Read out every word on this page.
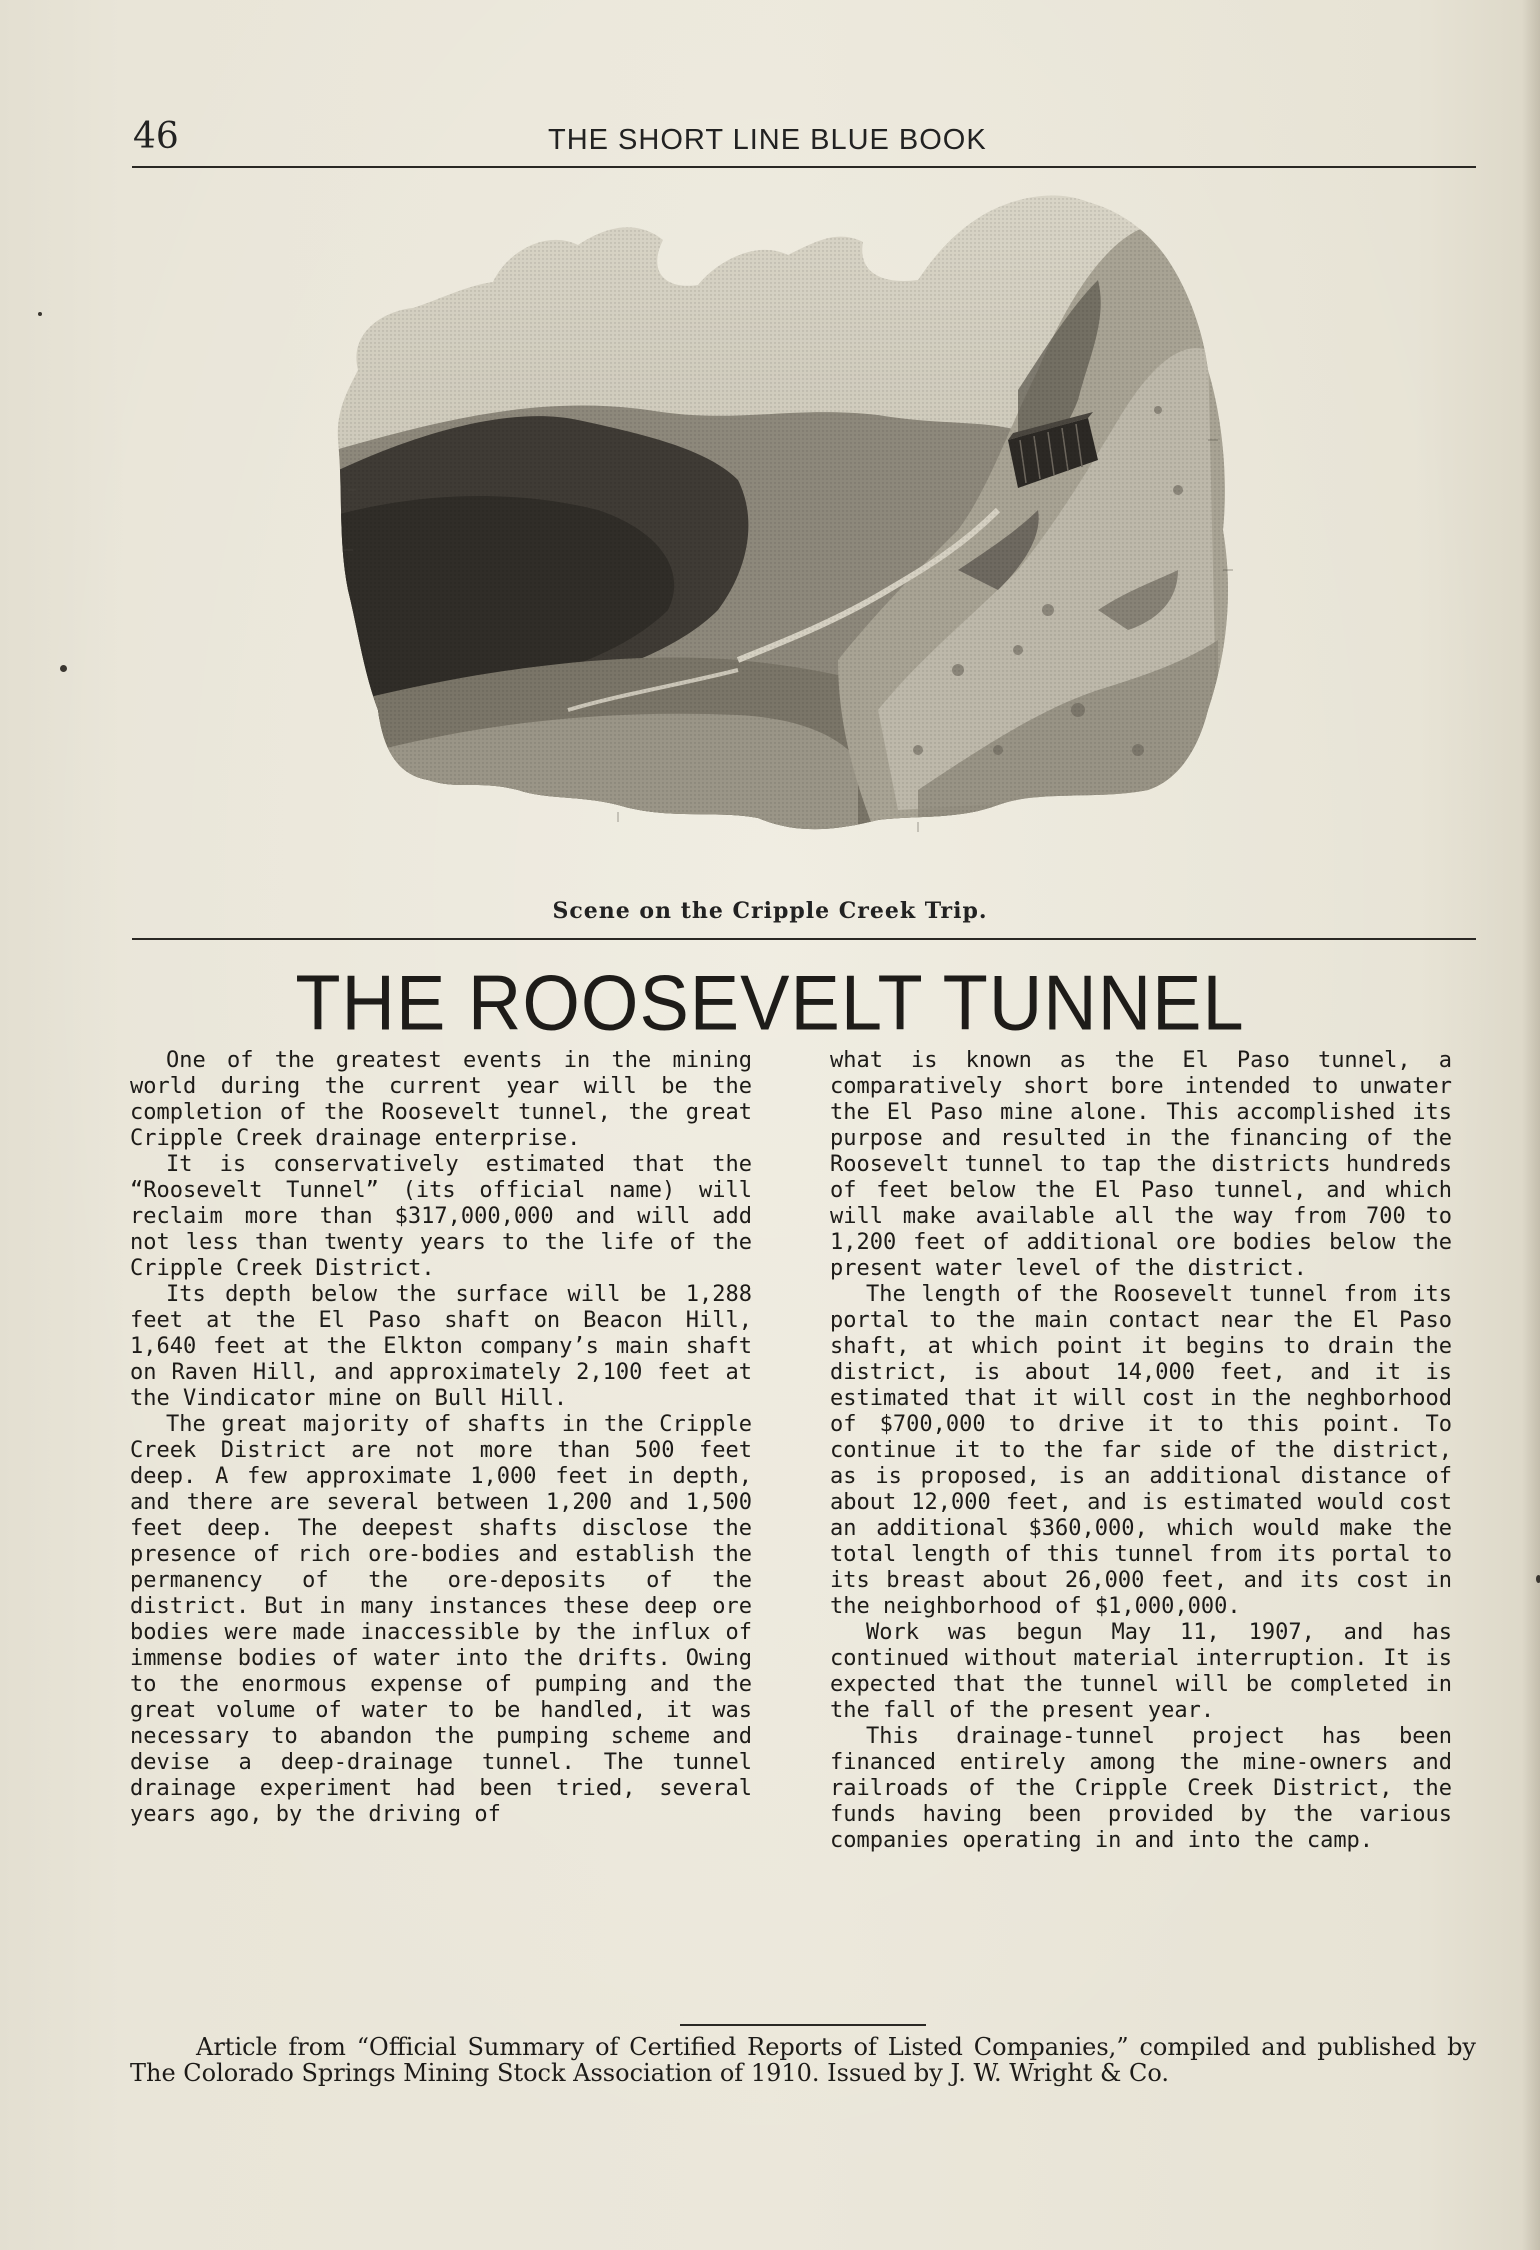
46	THE SHORT LINE BLUE BOOK
Scene on the Cripple Creek Trip.
THE ROOSEVELT TUNNEL

One of the greatest events in the mining world during the current year will be the completion of the Roosevelt tunnel, the great Cripple Creek drainage enterprise.

It is conservatively estimated that the “Roosevelt Tunnel” (its official name) will reclaim more than $317,000,000 and will add not less than twenty years to the life of the Cripple Creek District.

Its depth below the surface will be 1,288 feet at the El Paso shaft on Beacon Hill, 1,640 feet at the Elkton company’s main shaft on Raven Hill, and approximately 2,100 feet at the Vindicator mine on Bull Hill.

The great majority of shafts in the Cripple Creek District are not more than 500 feet deep. A few approximate 1,000 feet in depth, and there are several between 1,200 and 1,500 feet deep. The deepest shafts disclose the presence of rich ore-bodies and establish the permanency of the ore-deposits of the district. But in many instances these deep ore bodies were made inaccessible by the influx of immense bodies of water into the drifts. Owing to the enormous expense of pumping and the great volume of water to be handled, it was necessary to abandon the pumping scheme and devise a deep-drainage tunnel. The tunnel drainage experiment had been tried, several years ago, by the driving of

what is known as the El Paso tunnel, a comparatively short bore intended to unwater the El Paso mine alone. This accomplished its purpose and resulted in the financing of the Roosevelt tunnel to tap the districts hundreds of feet below the El Paso tunnel, and which will make available all the way from 700 to 1,200 feet of additional ore bodies below the present water level of the district.

The length of the Roosevelt tunnel from its portal to the main contact near the El Paso shaft, at which point it begins to drain the district, is about 14,000 feet, and it is estimated that it will cost in the neghborhood of $700,000 to drive it to this point. To continue it to the far side of the district, as is proposed, is an additional distance of about 12,000 feet, and is estimated would cost an additional $360,000, which would make the total length of this tunnel from its portal to its breast about 26,000 feet, and its cost in the neighborhood of $1,000,000.

Work was begun May 11, 1907, and has continued without material interruption. It is expected that the tunnel will be completed in the fall of the present year.

This drainage-tunnel project has been financed entirely among the mine-owners and railroads of the Cripple Creek District, the funds having been provided by the various companies operating in and into the camp.

Article from “Official Summary of Certified Reports of Listed Companies,” compiled and published by The Colorado Springs Mining Stock Association of 1910. Issued by J. W. Wright & Co.
